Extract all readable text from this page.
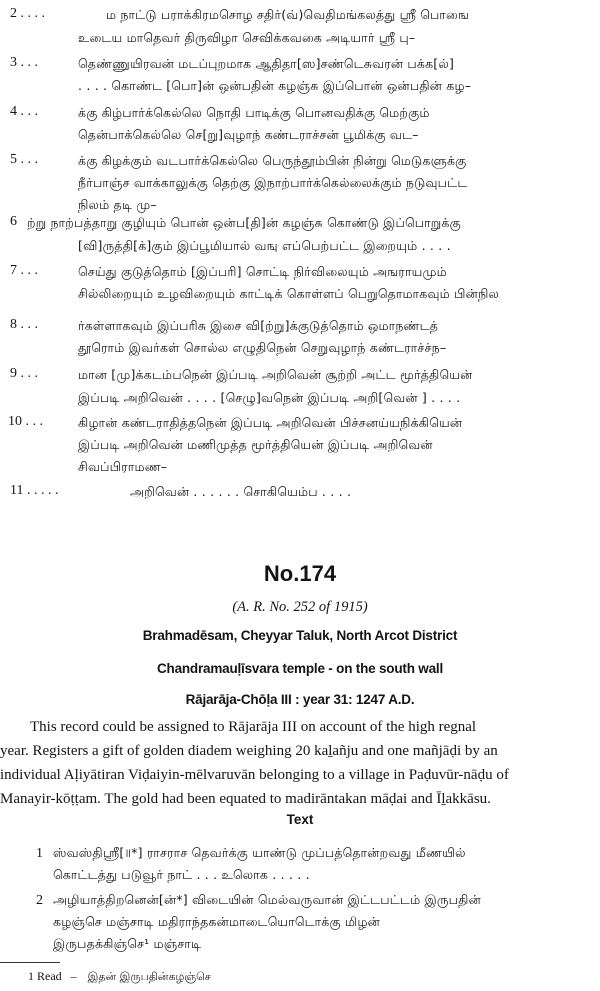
2 . . . .	ம நாட்டு பராக்கிரமசொழ சதிர்(வ்)வெதிமங்கலத்து ஸ்ரீ பொஙை
உடைய மாதெவர் திருவிழா செவிக்கவகை அடியார் ஸ்ரீ பு–
3 . . .	தெண்ணுயிரவன் மடப்புறமாக ஆதிதா[ஸ]சண்டெசுவரன் பக்க[ல்]
. . . . கொண்ட [பொ]ன் ஒன்பதின் கழஞ்சு இப்பொன் ஒன்பதின் கழ–
4 . . .	க்கு கிழ்பார்க்கெல்லெ நொதி பாடிக்கு பொனவதிக்கு மெற்கும்
தென்பாக்கெல்லெ செ[று]வுழாந் கண்டராச்சன் பூமிக்கு வட–
5 . . .	க்கு கிழக்கும் வடபார்க்கெல்லெ பெருந்தூம்பின் நின்று மெடுகளுக்கு
நீர்பாஞ்ச வாக்காலுக்கு தெற்கு இநாற்பார்க்கெல்லைக்கும் நடுவுபட்ட
நிலம் தடி மு–
6 ற்று நாற்பத்தாறு குழியும் பொன் ஒன்ப[தி]ன் கழஞ்சு கொண்டு இப்பொறுக்கு
[வி]ருத்தி[க்]கும் இப்பூமியால் வஙு எப்பெற்பட்ட இறையும் . . . .
7 . . .	செய்து குடுத்தொம் [இப்பரி] சொட்டி நிர்விலையும் அஙராயமும்
சில்லிறையும் உழவிறையும் காட்டிக் கொள்ளப் பெறுதொமாகவும் பின்நில
8 . . .	ர்கள்ளாகவும் இப்பரிசு இசை வி[ற்று]க்குடுத்தொம் ஒமாநண்டத்
தூரொம் இவர்கள் சொல்ல எழுதிநென் செறுவுழாந் கண்டராச்ச்ந–
9 . . .	மான [மு]க்கடம்பநென் இப்படி அறிவென் சூற்றி அட்ட மூர்த்தியென்
இப்படி அறிவென் . . . . [செழு]வநென் இப்படி அறி[வென் ] . . . .
10 . . .	கிழான் கண்டராதித்தநென் இப்படி அறிவென் பிச்சனய்யநிக்கியென்
இப்படி அறிவென் மணிமுத்த மூர்த்தியென் இப்படி அறிவென்
சிவப்பிராமண–
11 . . . . .	அறிவென் . . . . . . சொகியெம்ப . . . .
No.174
(A. R. No. 252 of 1915)
Brahmadēsam, Cheyyar Taluk, North Arcot District
Chandramauḷīsvara temple - on the south wall
Rājarāja-Chōḷa III : year 31: 1247 A.D.
This record could be assigned to Rājarāja III on account of the high regnal
year. Registers a gift of golden diadem weighing 20 kaḻañju and one mañjāḍi by an
individual Aḷiyātiran Viḍaiyin-mēlvaruvān belonging to a village in Paḍuvūr-nāḍu of
Manayir-kōṭṭam. The gold had been equated to madirāntakan māḍai and Īḻakkāsu.
Text
1 ஸ்வஸ்திஸ்ரீ[॥*] ராசராச தெவர்க்கு யாண்டு முப்பத்தொன்றவது மீணயில்
கொட்டத்து படுவூர் நாட் . . . உலொக . . . . .
2 அழியாத்திறனென்[ன்*] விடையின் மெல்வருவான் இட்டபட்டம் இருபதின்
கழஞ்செ மஞ்சாடி மதிராந்தகன்மாடையொடொக்கு மிழன்
இருபதக்கிஞ்செ¹ மஞ்சாடி
1 Read – இதன் இருபதின்கழஞ்செ
